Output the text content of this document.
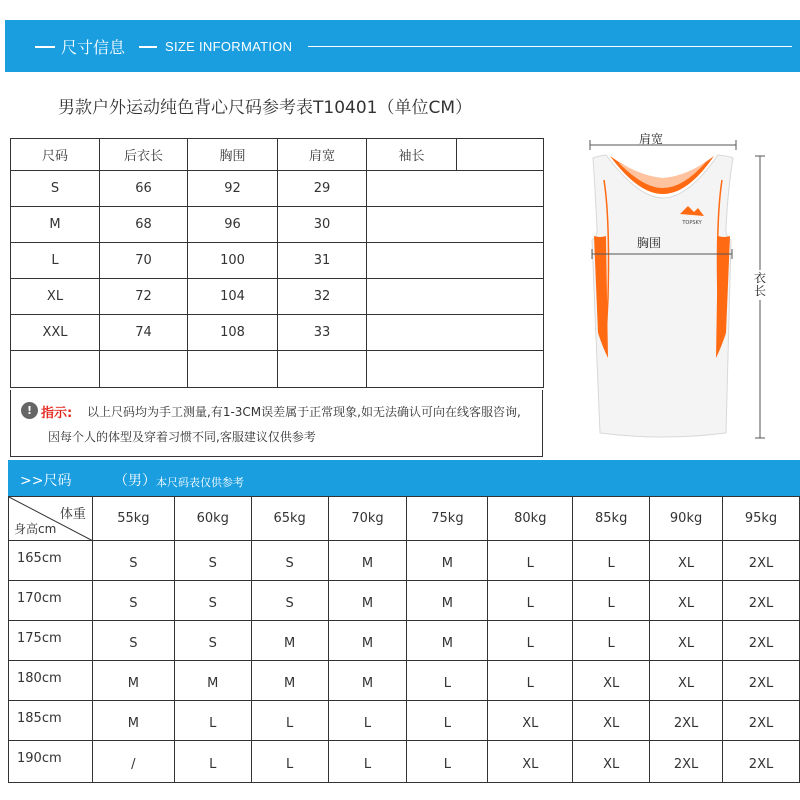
尺寸信息	SIZE INFORMATION
男款户外运动纯色背心尺码参考表T10401（单位CM）
尺码	后衣长	胸围	肩宽	袖长	
S	66	92	29		
M	68	96	30		
L	70	100	31		
XL	72	104	32		
XXL	74	108	33		

! 指示: 以上尺码均为手工测量,有1-3CM误差属于正常现象,如无法确认可向在线客服咨询,
因每个人的体型及穿着习惯不同,客服建议仅供参考
TOPSKY
肩宽
胸围
衣长
>>尺码	（男） 本尺码表仅供参考
体重
身高cm	55kg	60kg	65kg	70kg	75kg	80kg	85kg	90kg	95kg
165cm	S	S	S	M	M	L	L	XL	2XL
170cm	S	S	S	M	M	L	L	XL	2XL
175cm	S	S	M	M	M	L	L	XL	2XL
180cm	M	M	M	M	L	L	XL	XL	2XL
185cm	M	L	L	L	L	XL	XL	2XL	2XL
190cm	/	L	L	L	L	XL	XL	2XL	2XL
